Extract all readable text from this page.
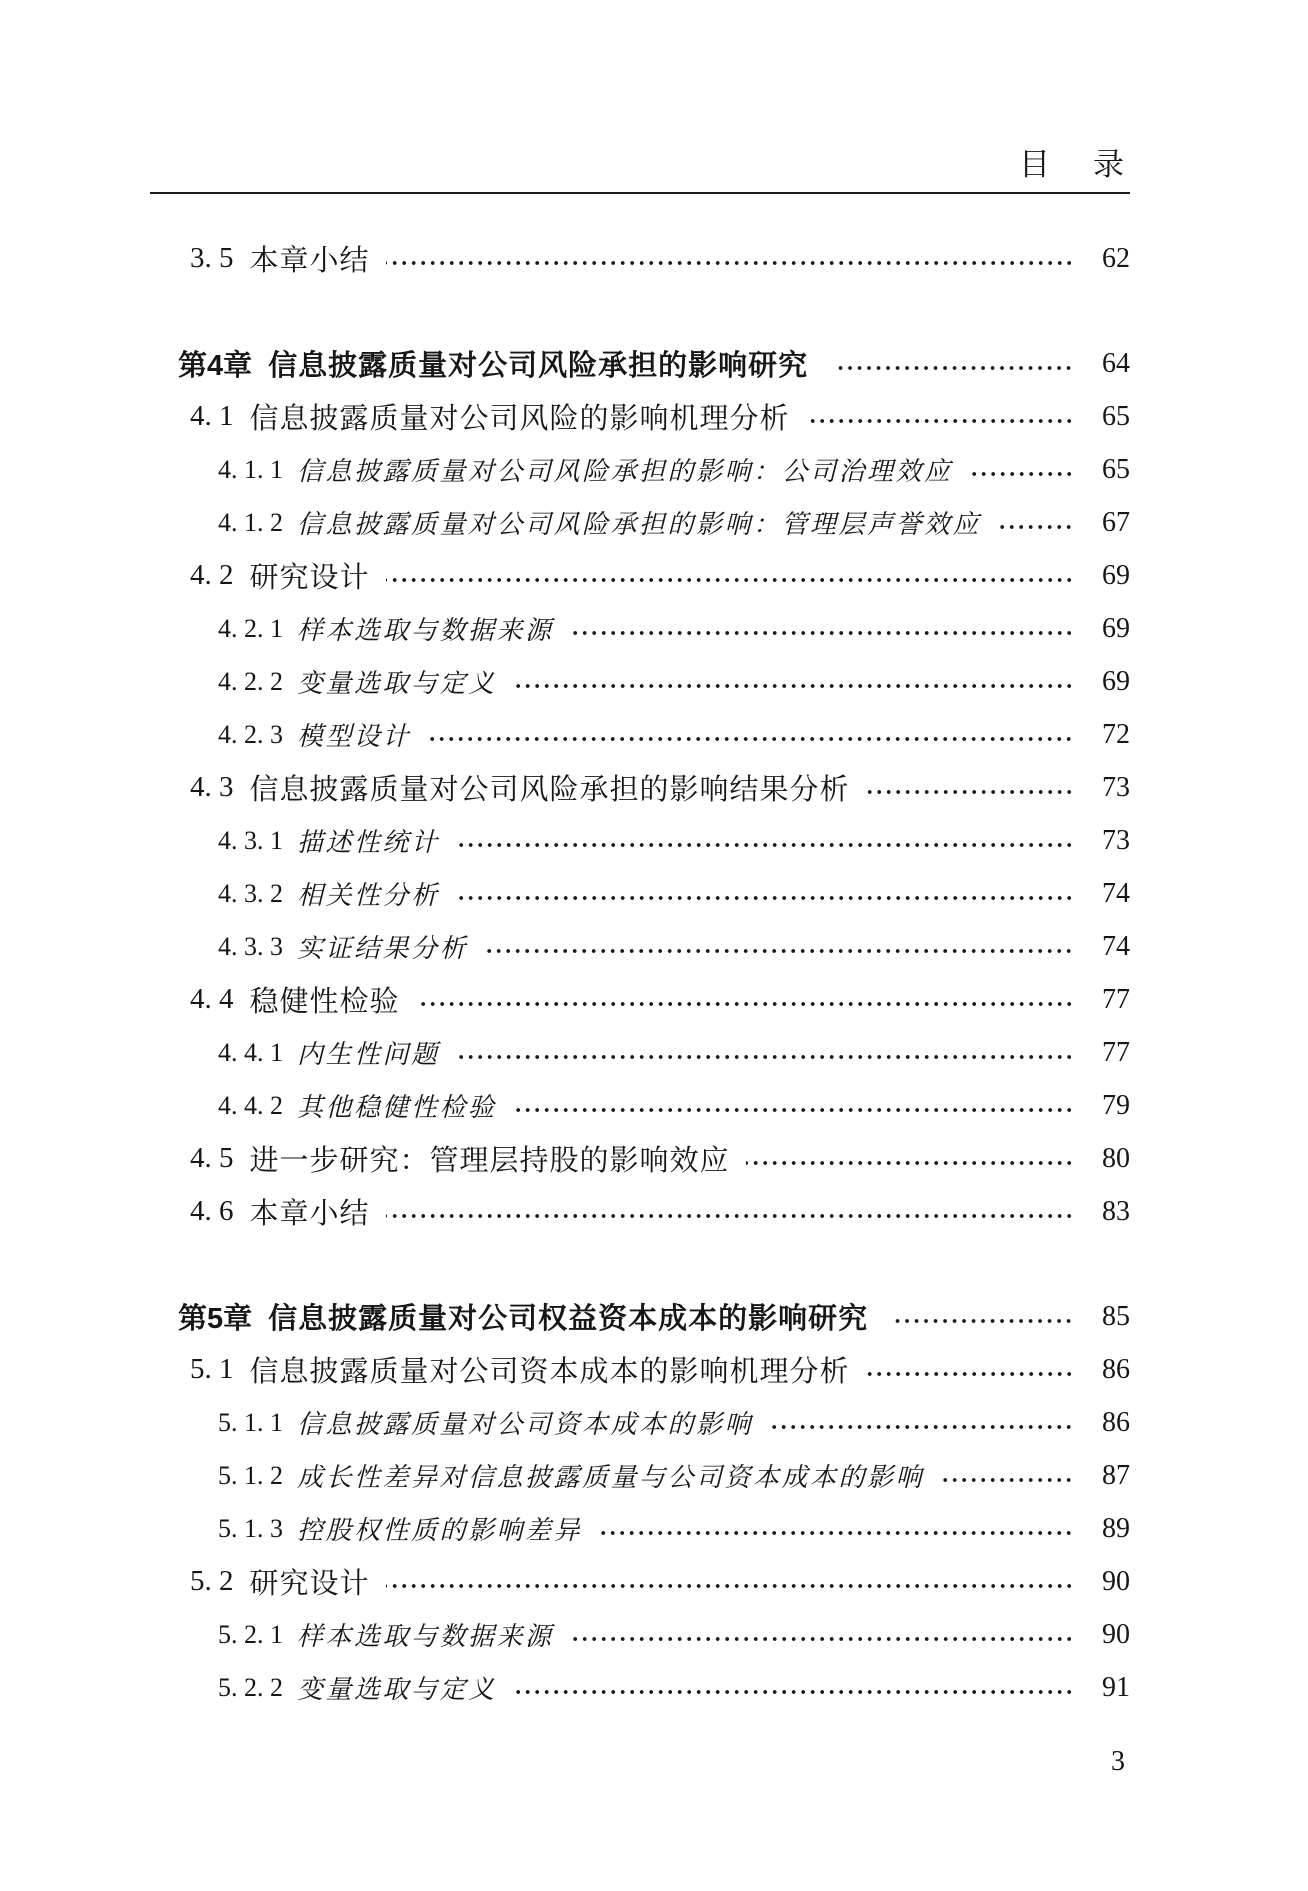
目　录
3. 5 本章小结	62
第4章 信息披露质量对公司风险承担的影响研究	64
4. 1 信息披露质量对公司风险的影响机理分析	65
4. 1. 1 信息披露质量对公司风险承担的影响：公司治理效应	65
4. 1. 2 信息披露质量对公司风险承担的影响：管理层声誉效应	67
4. 2 研究设计	69
4. 2. 1 样本选取与数据来源	69
4. 2. 2 变量选取与定义	69
4. 2. 3 模型设计	72
4. 3 信息披露质量对公司风险承担的影响结果分析	73
4. 3. 1 描述性统计	73
4. 3. 2 相关性分析	74
4. 3. 3 实证结果分析	74
4. 4 稳健性检验	77
4. 4. 1 内生性问题	77
4. 4. 2 其他稳健性检验	79
4. 5 进一步研究：管理层持股的影响效应	80
4. 6 本章小结	83
第5章 信息披露质量对公司权益资本成本的影响研究	85
5. 1 信息披露质量对公司资本成本的影响机理分析	86
5. 1. 1 信息披露质量对公司资本成本的影响	86
5. 1. 2 成长性差异对信息披露质量与公司资本成本的影响	87
5. 1. 3 控股权性质的影响差异	89
5. 2 研究设计	90
5. 2. 1 样本选取与数据来源	90
5. 2. 2 变量选取与定义	91
3
